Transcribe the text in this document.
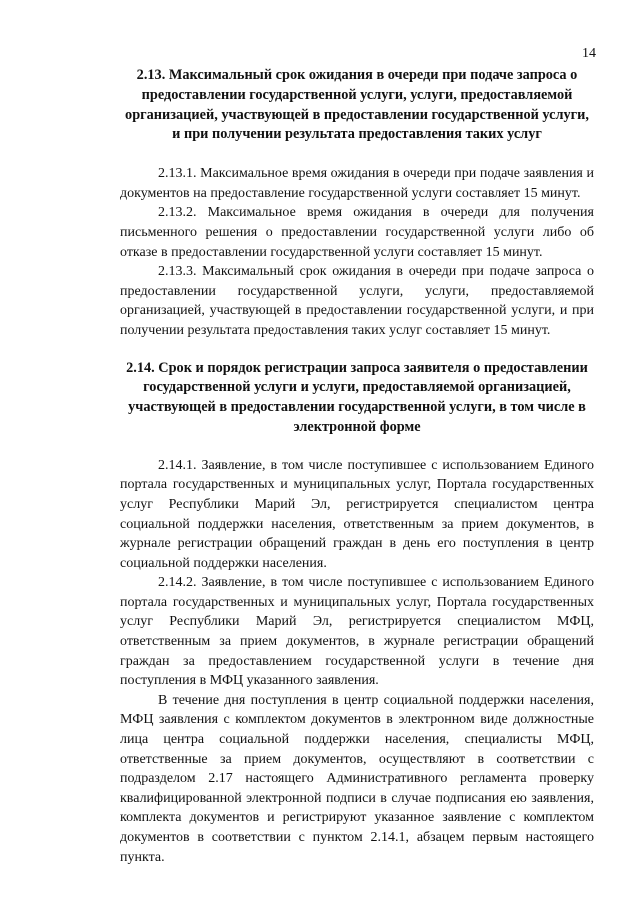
14

2.13. Максимальный срок ожидания в очереди при подаче запроса о предоставлении государственной услуги, услуги, предоставляемой организацией, участвующей в предоставлении государственной услуги, и при получении результата предоставления таких услуг

2.13.1. Максимальное время ожидания в очереди при подаче заявления и документов на предоставление государственной услуги составляет 15 минут.

2.13.2. Максимальное время ожидания в очереди для получения письменного решения о предоставлении государственной услуги либо об отказе в предоставлении государственной услуги составляет 15 минут.

2.13.3. Максимальный срок ожидания в очереди при подаче запроса о предоставлении государственной услуги, услуги, предоставляемой организацией, участвующей в предоставлении государственной услуги, и при получении результата предоставления таких услуг составляет 15 минут.

2.14. Срок и порядок регистрации запроса заявителя о предоставлении государственной услуги и услуги, предоставляемой организацией, участвующей в предоставлении государственной услуги, в том числе в электронной форме

2.14.1. Заявление, в том числе поступившее с использованием Единого портала государственных и муниципальных услуг, Портала государственных услуг Республики Марий Эл, регистрируется специалистом центра социальной поддержки населения, ответственным за прием документов, в журнале регистрации обращений граждан в день его поступления в центр социальной поддержки населения.

2.14.2. Заявление, в том числе поступившее с использованием Единого портала государственных и муниципальных услуг, Портала государственных услуг Республики Марий Эл, регистрируется специалистом МФЦ, ответственным за прием документов, в журнале регистрации обращений граждан за предоставлением государственной услуги в течение дня поступления в МФЦ указанного заявления.

В течение дня поступления в центр социальной поддержки населения, МФЦ заявления с комплектом документов в электронном виде должностные лица центра социальной поддержки населения, специалисты МФЦ, ответственные за прием документов, осуществляют в соответствии с подразделом 2.17 настоящего Административного регламента проверку квалифицированной электронной подписи в случае подписания ею заявления, комплекта документов и регистрируют указанное заявление с комплектом документов в соответствии с пунктом 2.14.1, абзацем первым настоящего пункта.
